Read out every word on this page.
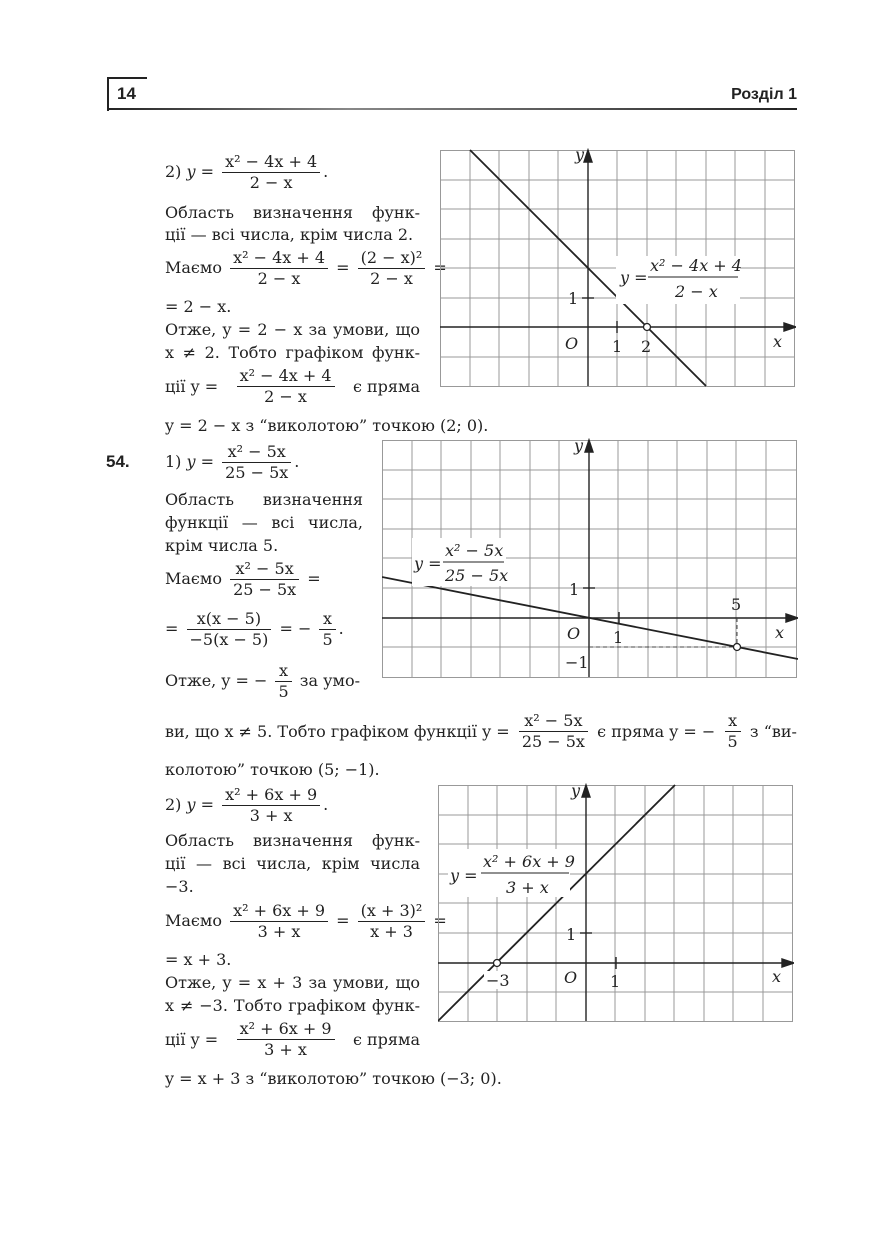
14	Розділ 1
2) $y = \frac{\text{x² − 4x + 4}}{2 - x}$ .
Область визначення функ-
ції — всі числа, крім числа 2.
Маємо $\frac{\text{x² − 4x + 4}}{2 - x} = \frac{\text{(2 − x)²}}{2 - x}$ =
= 2 − x.
Отже, y = 2 − x за умови, що
x ≠ 2. Тобто графіком функ-
ції $y = \frac{\text{x² − 4x + 4}}{2 - x}$ є пряма
y = 2 − x з “виколотою” точкою (2; 0).
y
x
O 1 2
1
y =
x² − 4x + 4
2 − x
54. 1) $y = \frac{\text{x² − 5x}}{25 - 5x}$ .
Область визначення
функції — всі числа,
крім числа 5.
Маємо $\frac{\text{x² − 5x}}{25 - 5x}$ =
= $\frac{x(x - 5)}{-5(x - 5)}$ = − $\frac{x}{5}$ .
Отже, y = − $\frac{x}{5}$ за умо-
ви, що x ≠ 5. Тобто графіком функції $y = \frac{\text{x² − 5x}}{25 - 5x}$ є пряма y = − $\frac{x}{5}$ з “ви-
колотою” точкою (5; −1).
y
x
O 1
1
−1
5
y =
x² − 5x
25 − 5x
2) $y = \frac{\text{x² + 6x + 9}}{3 + x}$ .
Область визначення функ-
ції — всі числа, крім числа
−3.
Маємо $\frac{\text{x² + 6x + 9}}{3 + x} = \frac{\text{(x + 3)²}}{x + 3}$ =
= x + 3.
Отже, y = x + 3 за умови, що
x ≠ −3. Тобто графіком функ-
ції $y = \frac{\text{x² + 6x + 9}}{3 + x}$ є пряма
y = x + 3 з “виколотою” точкою (−3; 0).
y
x
O 1
1
−3
y =
x² + 6x + 9
3 + x
